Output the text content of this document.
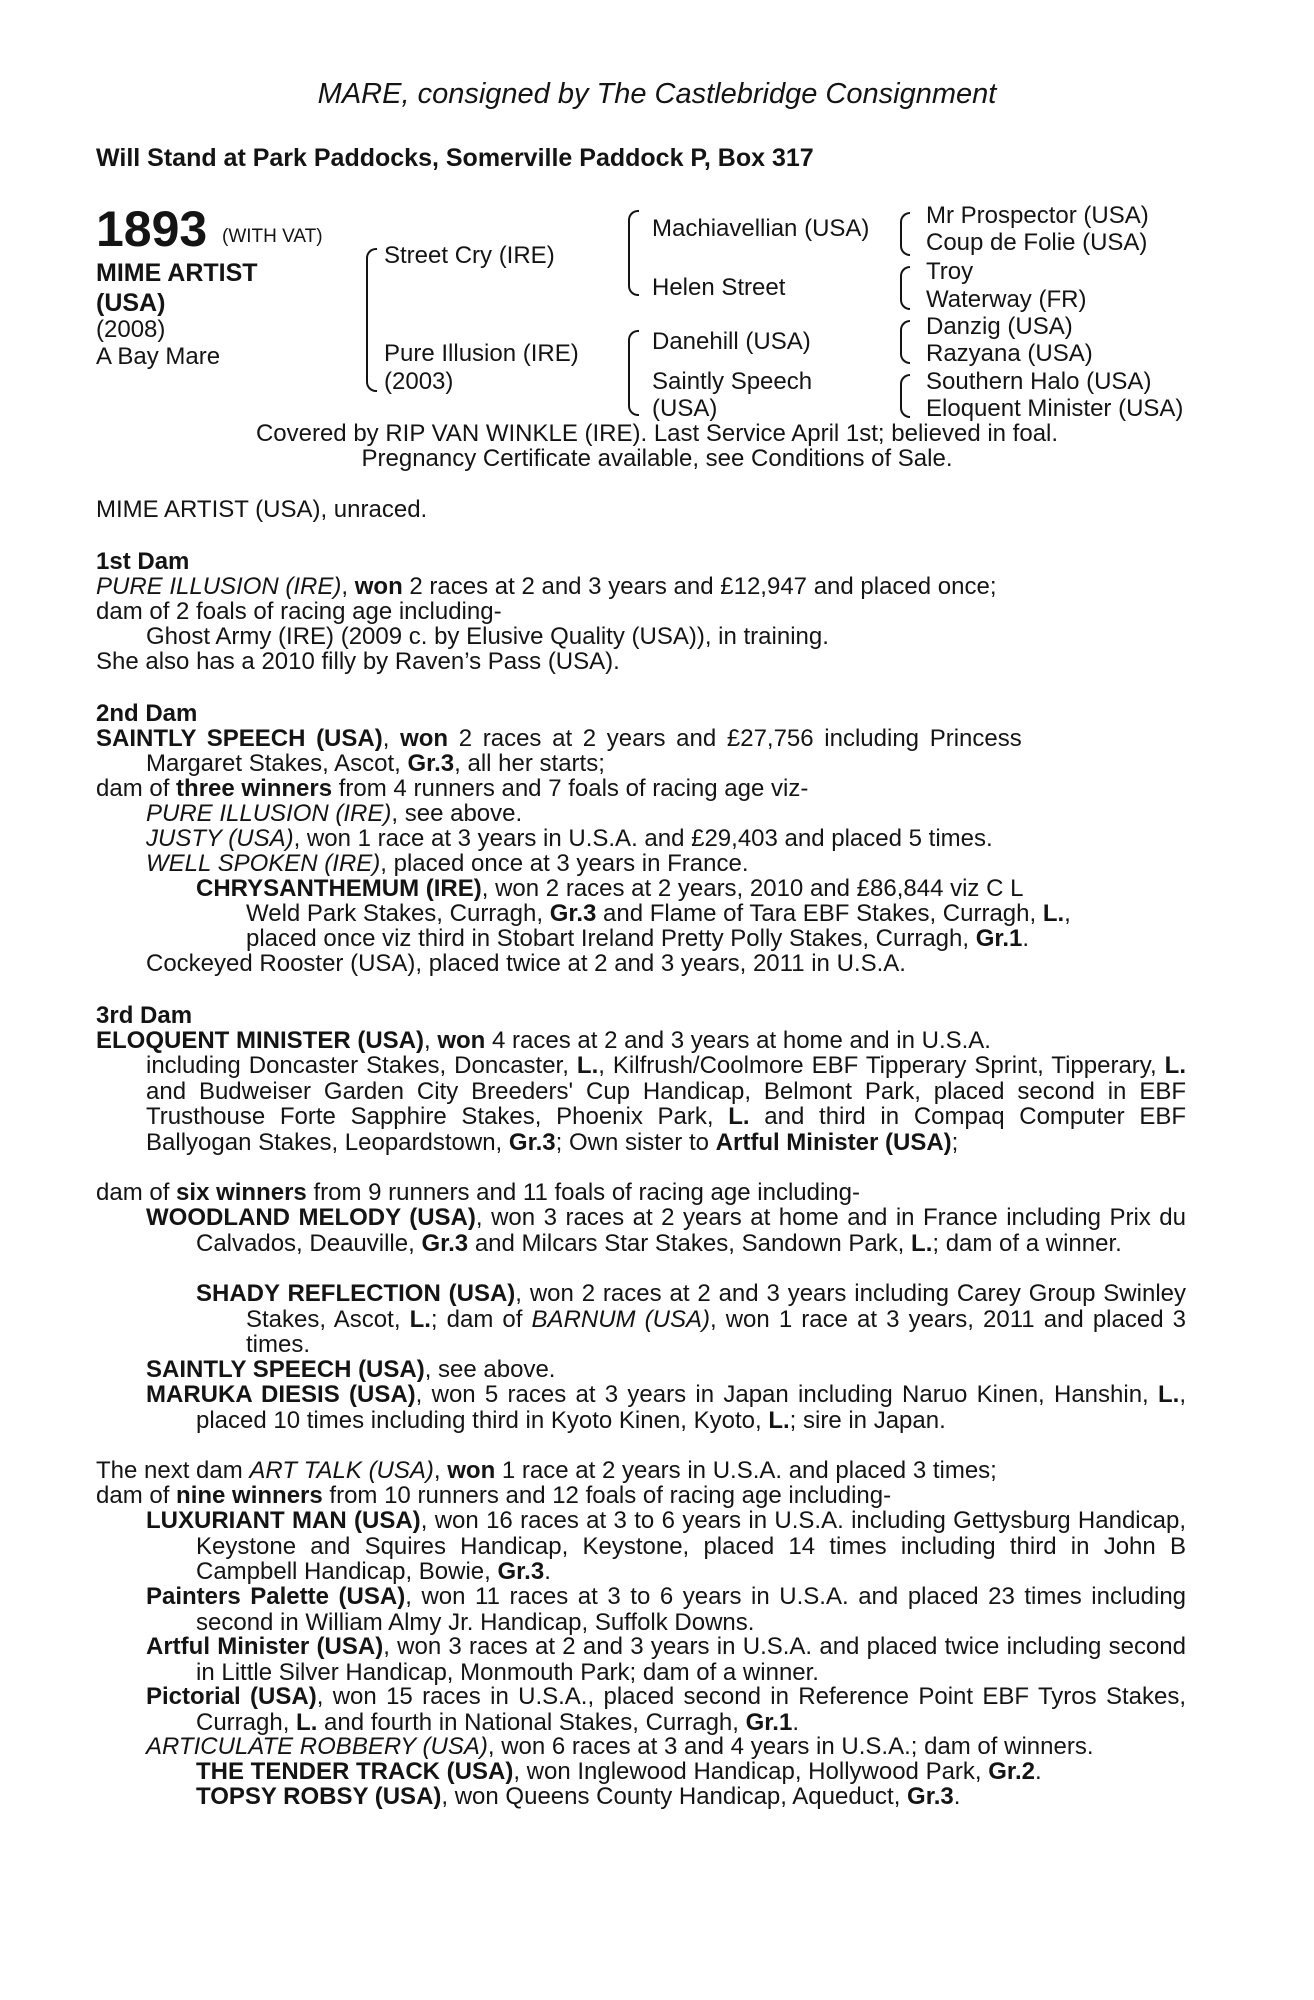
MARE, consigned by The Castlebridge Consignment
Will Stand at Park Paddocks, Somerville Paddock P, Box 317
1893 (WITH VAT)
MIME ARTIST (USA)
(2008)
A Bay Mare
Street Cry (IRE)
Pure Illusion (IRE)
(2003)
Machiavellian (USA)
Helen Street
Danehill (USA)
Saintly Speech
(USA)
Mr Prospector (USA)
Coup de Folie (USA)
Troy
Waterway (FR)
Danzig (USA)
Razyana (USA)
Southern Halo (USA)
Eloquent Minister (USA)
Covered by RIP VAN WINKLE (IRE). Last Service April 1st; believed in foal.
Pregnancy Certificate available, see Conditions of Sale.
MIME ARTIST (USA), unraced.
1st Dam
PURE ILLUSION (IRE), won 2 races at 2 and 3 years and £12,947 and placed once;
dam of 2 foals of racing age including-
Ghost Army (IRE) (2009 c. by Elusive Quality (USA)), in training.
She also has a 2010 filly by Raven’s Pass (USA).
2nd Dam
SAINTLY SPEECH (USA), won 2 races at 2 years and £27,756 including Princess
Margaret Stakes, Ascot, Gr.3, all her starts;
dam of three winners from 4 runners and 7 foals of racing age viz-
PURE ILLUSION (IRE), see above.
JUSTY (USA), won 1 race at 3 years in U.S.A. and £29,403 and placed 5 times.
WELL SPOKEN (IRE), placed once at 3 years in France.
CHRYSANTHEMUM (IRE), won 2 races at 2 years, 2010 and £86,844 viz C L
Weld Park Stakes, Curragh, Gr.3 and Flame of Tara EBF Stakes, Curragh, L.,
placed once viz third in Stobart Ireland Pretty Polly Stakes, Curragh, Gr.1.
Cockeyed Rooster (USA), placed twice at 2 and 3 years, 2011 in U.S.A.
3rd Dam
ELOQUENT MINISTER (USA), won 4 races at 2 and 3 years at home and in U.S.A.
including Doncaster Stakes, Doncaster, L., Kilfrush/Coolmore EBF Tipperary Sprint, Tipperary, L. and Budweiser Garden City Breeders' Cup Handicap, Belmont Park, placed second in EBF Trusthouse Forte Sapphire Stakes, Phoenix Park, L. and third in Compaq Computer EBF Ballyogan Stakes, Leopardstown, Gr.3; Own sister to Artful Minister (USA);
dam of six winners from 9 runners and 11 foals of racing age including-
WOODLAND MELODY (USA), won 3 races at 2 years at home and in France including Prix du Calvados, Deauville, Gr.3 and Milcars Star Stakes, Sandown Park, L.; dam of a winner.
SHADY REFLECTION (USA), won 2 races at 2 and 3 years including Carey Group Swinley Stakes, Ascot, L.; dam of BARNUM (USA), won 1 race at 3 years, 2011 and placed 3 times.
SAINTLY SPEECH (USA), see above.
MARUKA DIESIS (USA), won 5 races at 3 years in Japan including Naruo Kinen, Hanshin, L., placed 10 times including third in Kyoto Kinen, Kyoto, L.; sire in Japan.
The next dam ART TALK (USA), won 1 race at 2 years in U.S.A. and placed 3 times;
dam of nine winners from 10 runners and 12 foals of racing age including-
LUXURIANT MAN (USA), won 16 races at 3 to 6 years in U.S.A. including Gettysburg Handicap, Keystone and Squires Handicap, Keystone, placed 14 times including third in John B Campbell Handicap, Bowie, Gr.3.
Painters Palette (USA), won 11 races at 3 to 6 years in U.S.A. and placed 23 times including second in William Almy Jr. Handicap, Suffolk Downs.
Artful Minister (USA), won 3 races at 2 and 3 years in U.S.A. and placed twice including second in Little Silver Handicap, Monmouth Park; dam of a winner.
Pictorial (USA), won 15 races in U.S.A., placed second in Reference Point EBF Tyros Stakes, Curragh, L. and fourth in National Stakes, Curragh, Gr.1.
ARTICULATE ROBBERY (USA), won 6 races at 3 and 4 years in U.S.A.; dam of winners.
THE TENDER TRACK (USA), won Inglewood Handicap, Hollywood Park, Gr.2.
TOPSY ROBSY (USA), won Queens County Handicap, Aqueduct, Gr.3.
